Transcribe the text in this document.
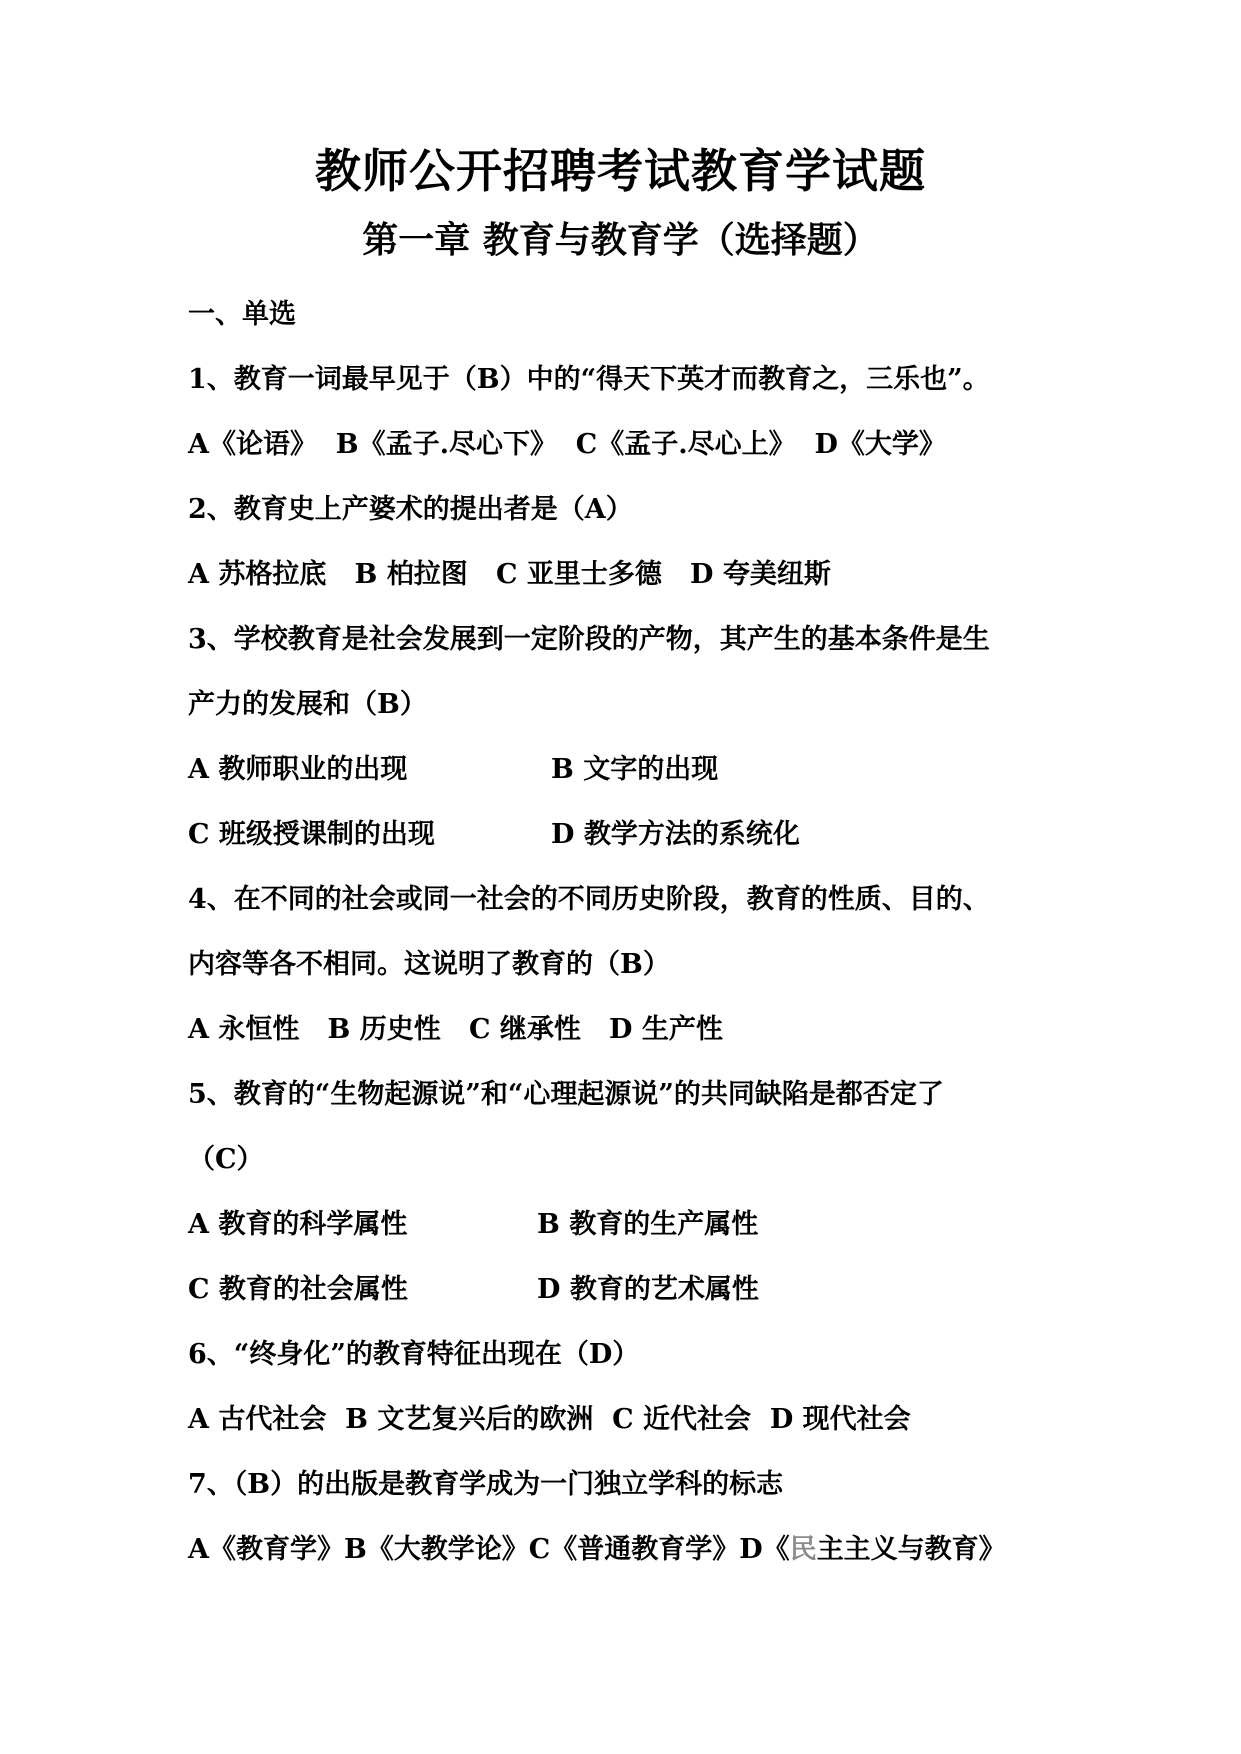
教师公开招聘考试教育学试题
第一章 教育与教育学（选择题）
一、单选
1、教育一词最早见于（B）中的“得天下英才而教育之，三乐也”。
A《论语》  B《孟子.尽心下》  C《孟子.尽心上》  D《大学》
2、教育史上产婆术的提出者是（A）
A 苏格拉底   B 柏拉图   C 亚里士多德   D 夸美纽斯
3、学校教育是社会发展到一定阶段的产物，其产生的基本条件是生
产力的发展和（B）
A 教师职业的出现	B 文字的出现
C 班级授课制的出现	D 教学方法的系统化
4、在不同的社会或同一社会的不同历史阶段，教育的性质、目的、
内容等各不相同。这说明了教育的（B）
A 永恒性   B 历史性   C 继承性   D 生产性
5、教育的“生物起源说”和“心理起源说”的共同缺陷是都否定了
（C）
A 教育的科学属性	B 教育的生产属性
C 教育的社会属性	D 教育的艺术属性
6、“终身化”的教育特征出现在（D）
A 古代社会  B 文艺复兴后的欧洲  C 近代社会  D 现代社会
7、（B）的出版是教育学成为一门独立学科的标志
A《教育学》B《大教学论》C《普通教育学》D《民主主义与教育》
